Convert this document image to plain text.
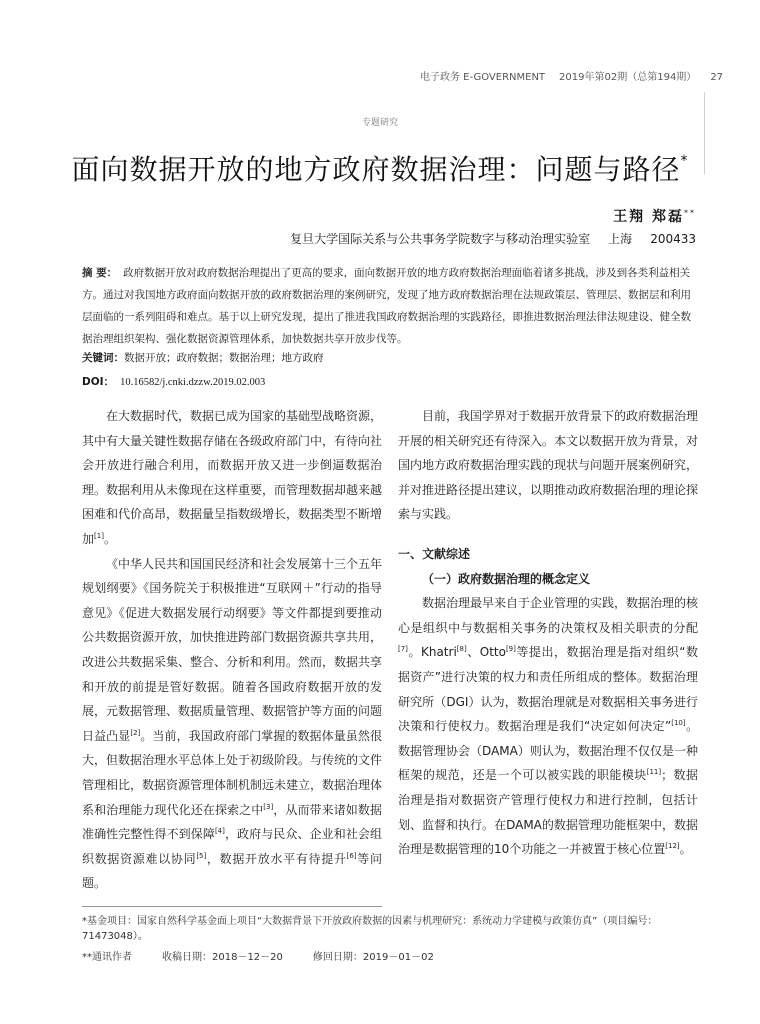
电子政务 E-GOVERNMENT 2019年第02期（总第194期） 27
专题研究
面向数据开放的地方政府数据治理：问题与路径*
王翔 郑磊**
复旦大学国际关系与公共事务学院数字与移动治理实验室 上海 200433
摘 要： 政府数据开放对政府数据治理提出了更高的要求，面向数据开放的地方政府数据治理面临着诸多挑战，涉及到各类利益相关方。通过对我国地方政府面向数据开放的政府数据治理的案例研究，发现了地方政府数据治理在法规政策层、管理层、数据层和利用层面临的一系列阻碍和难点。基于以上研究发现，提出了推进我国政府数据治理的实践路径，即推进数据治理法律法规建设、健全数据治理组织架构、强化数据资源管理体系，加快数据共享开放步伐等。
关键词：数据开放；政府数据；数据治理；地方政府
DOI： 10.16582/j.cnki.dzzw.2019.02.003

在大数据时代，数据已成为国家的基础型战略资源，其中有大量关键性数据存储在各级政府部门中，有待向社会开放进行融合利用，而数据开放又进一步倒逼数据治理。数据利用从未像现在这样重要，而管理数据却越来越困难和代价高昂，数据量呈指数级增长，数据类型不断增加[1]。

《中华人民共和国国民经济和社会发展第十三个五年规划纲要》《国务院关于积极推进“互联网＋”行动的指导意见》《促进大数据发展行动纲要》等文件都提到要推动公共数据资源开放，加快推进跨部门数据资源共享共用，改进公共数据采集、整合、分析和利用。然而，数据共享和开放的前提是管好数据。随着各国政府数据开放的发展，元数据管理、数据质量管理、数据管护等方面的问题日益凸显[2]。当前，我国政府部门掌握的数据体量虽然很大，但数据治理水平总体上处于初级阶段。与传统的文件管理相比，数据资源管理体制机制远未建立，数据治理体系和治理能力现代化还在探索之中[3]，从而带来诸如数据准确性完整性得不到保障[4]，政府与民众、企业和社会组织数据资源难以协同[5]，数据开放水平有待提升[6]等问题。

目前，我国学界对于数据开放背景下的政府数据治理开展的相关研究还有待深入。本文以数据开放为背景，对国内地方政府数据治理实践的现状与问题开展案例研究，并对推进路径提出建议，以期推动政府数据治理的理论探索与实践。

一、文献综述

（一）政府数据治理的概念定义

数据治理最早来自于企业管理的实践，数据治理的核心是组织中与数据相关事务的决策权及相关职责的分配[7]。Khatri[8]、Otto[9]等提出，数据治理是指对组织“数据资产”进行决策的权力和责任所组成的整体。数据治理研究所（DGI）认为，数据治理就是对数据相关事务进行决策和行使权力。数据治理是我们“决定如何决定”[10]。数据管理协会（DAMA）则认为，数据治理不仅仅是一种框架的规范，还是一个可以被实践的职能模块[11]；数据治理是指对数据资产管理行使权力和进行控制，包括计划、监督和执行。在DAMA的数据管理功能框架中，数据治理是数据管理的10个功能之一并被置于核心位置[12]。

*基金项目：国家自然科学基金面上项目“大数据背景下开放政府数据的因素与机理研究：系统动力学建模与政策仿真”（项目编号：71473048）。
**通讯作者	收稿日期：2018－12－20	修回日期：2019－01－02
